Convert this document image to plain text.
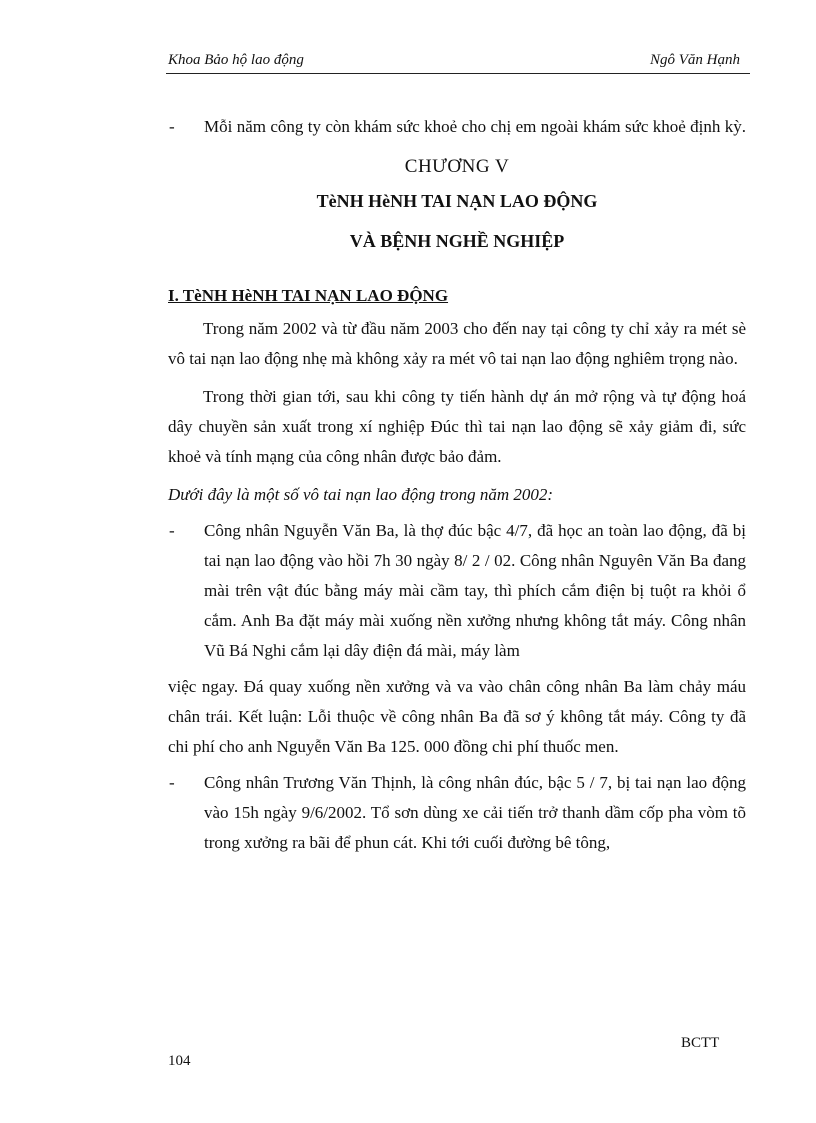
Khoa Bảo hộ lao động	Ngô Văn Hạnh
-	Mỗi năm công ty còn khám sức khoẻ cho chị em ngoài khám sức khoẻ định kỳ.
CHƯƠNG V
TèNH HèNH TAI NẠN LAO ĐỘNG
VÀ BỆNH NGHỀ NGHIỆP
I. TèNH HèNH TAI NẠN LAO ĐỘNG
Trong năm 2002 và từ đầu năm 2003 cho đến nay tại công ty chỉ xảy ra mét sè vô tai nạn lao động nhẹ mà không xảy ra mét vô tai nạn lao động nghiêm trọng nào.
Trong thời gian tới, sau khi công ty tiến hành dự án mở rộng và tự động hoá dây chuyền sản xuất trong xí nghiệp Đúc thì tai nạn lao động sẽ xảy giảm đi, sức khoẻ và tính mạng của công nhân được bảo đảm.
Dưới đây là một số vô tai nạn lao động trong năm 2002:
-	Công nhân Nguyễn Văn Ba, là thợ đúc bậc 4/7, đã học an toàn lao động, đã bị tai nạn lao động vào hồi 7h 30 ngày 8/ 2 / 02. Công nhân Nguyên Văn Ba đang mài trên vật đúc bằng máy mài cầm tay, thì phích cắm điện bị tuột ra khỏi ổ cắm. Anh Ba đặt máy mài xuống nền xưởng nhưng không tắt máy. Công nhân Vũ Bá Nghi cắm lại dây điện đá mài, máy làm
việc ngay. Đá quay xuống nền xưởng và va vào chân công nhân Ba làm chảy máu chân trái. Kết luận: Lỗi thuộc về công nhân Ba đã sơ ý không tắt máy. Công ty đã chi phí cho anh Nguyễn Văn Ba 125. 000 đồng chi phí thuốc men.
-	Công nhân Trương Văn Thịnh, là công nhân đúc, bậc 5 / 7, bị tai nạn lao động vào 15h ngày 9/6/2002. Tổ sơn dùng xe cải tiến trở thanh dầm cốp pha vòm tõ trong xưởng ra bãi để phun cát. Khi tới cuối đường bê tông,
BCTT
104
